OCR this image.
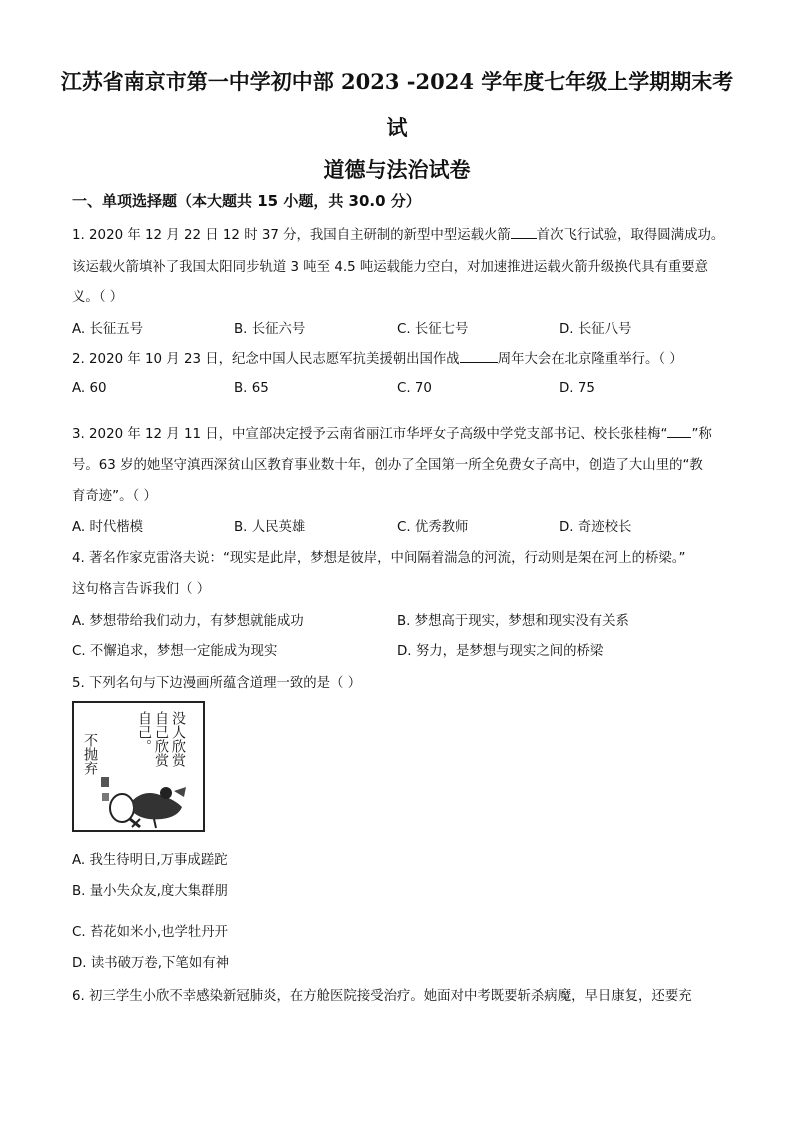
江苏省南京市第一中学初中部 2023 -2024 学年度七年级上学期期末考
试
道德与法治试卷
一、单项选择题（本大题共 15 小题，共 30.0 分）
1. 2020 年 12 月 22 日 12 时 37 分，我国自主研制的新型中型运载火箭 首次飞行试验，取得圆满成功。
该运载火箭填补了我国太阳同步轨道 3 吨至 4.5 吨运载能力空白，对加速推进运载火箭升级换代具有重要意
义。（ ）
A. 长征五号	B. 长征六号	C. 长征七号	D. 长征八号
2. 2020 年 10 月 23 日，纪念中国人民志愿军抗美援朝出国作战	周年大会在北京隆重举行。（ ）
A. 60	B. 65	C. 70	D. 75
3. 2020 年 12 月 11 日，中宣部决定授予云南省丽江市华坪女子高级中学党支部书记、校长张桂梅“ ”称
号。63 岁的她坚守滇西深贫山区教育事业数十年，创办了全国第一所全免费女子高中，创造了大山里的“教
育奇迹”。（ ）
A. 时代楷模	B. 人民英雄	C. 优秀教师	D. 奇迹校长
4. 著名作家克雷洛夫说：“现实是此岸，梦想是彼岸，中间隔着湍急的河流，行动则是架在河上的桥梁。”
这句格言告诉我们（ ）
A. 梦想带给我们动力，有梦想就能成功	B. 梦想高于现实，梦想和现实没有关系
C. 不懈追求，梦想一定能成为现实	D. 努力，是梦想与现实之间的桥梁
5. 下列名句与下边漫画所蕴含道理一致的是（ ）
没人欣赏
自己欣赏
自己。
不抛弃
A. 我生待明日,万事成蹉跎
B. 量小失众友,度大集群朋
C. 苔花如米小,也学牡丹开
D. 读书破万卷,下笔如有神
6. 初三学生小欣不幸感染新冠肺炎，在方舱医院接受治疗。她面对中考既要斩杀病魔，早日康复，还要充
